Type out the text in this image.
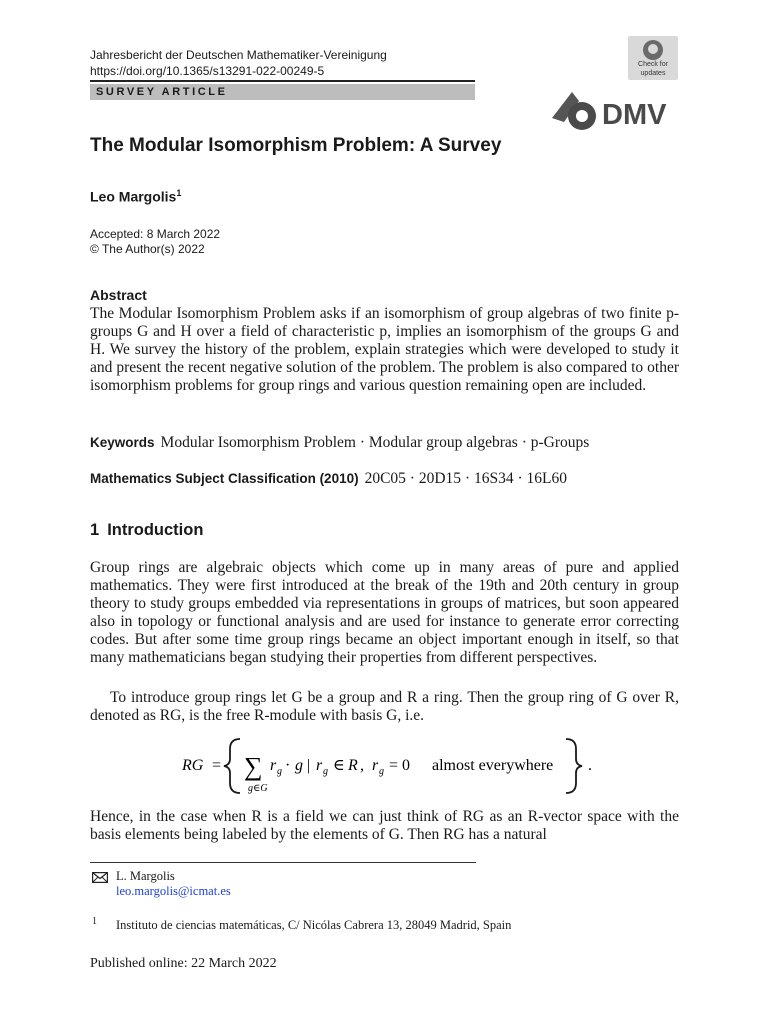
Jahresbericht der Deutschen Mathematiker-Vereinigung
https://doi.org/10.1365/s13291-022-00249-5
SURVEY ARTICLE
Check for
updates
DMV
The Modular Isomorphism Problem: A Survey
Leo Margolis$^1$
Accepted: 8 March 2022
© The Author(s) 2022
Abstract
The Modular Isomorphism Problem asks if an isomorphism of group algebras of two finite p-groups G and H over a field of characteristic p, implies an isomorphism of the groups G and H. We survey the history of the problem, explain strategies which were developed to study it and present the recent negative solution of the problem. The problem is also compared to other isomorphism problems for group rings and various question remaining open are included.
Keywords Modular Isomorphism Problem · Modular group algebras · p-Groups
Mathematics Subject Classification (2010) 20C05 · 20D15 · 16S34 · 16L60
1 Introduction
Group rings are algebraic objects which come up in many areas of pure and applied mathematics. They were first introduced at the break of the 19th and 20th century in group theory to study groups embedded via representations in groups of matrices, but soon appeared also in topology or functional analysis and are used for instance to generate error correcting codes. But after some time group rings became an object important enough in itself, so that many mathematicians began studying their properties from different perspectives.
To introduce group rings let G be a group and R a ring. Then the group ring of G over R, denoted as RG, is the free R-module with basis G, i.e.
RG = ∑
g∈G
r g · g | r g ∈ R , r g = 0 almost everywhere .
Hence, in the case when R is a field we can just think of RG as an R-vector space with the basis elements being labeled by the elements of G. Then RG has a natural
L. Margolis
leo.margolis@icmat.es
1 Instituto de ciencias matemáticas, C/ Nicólas Cabrera 13, 28049 Madrid, Spain
Published online: 22 March 2022
